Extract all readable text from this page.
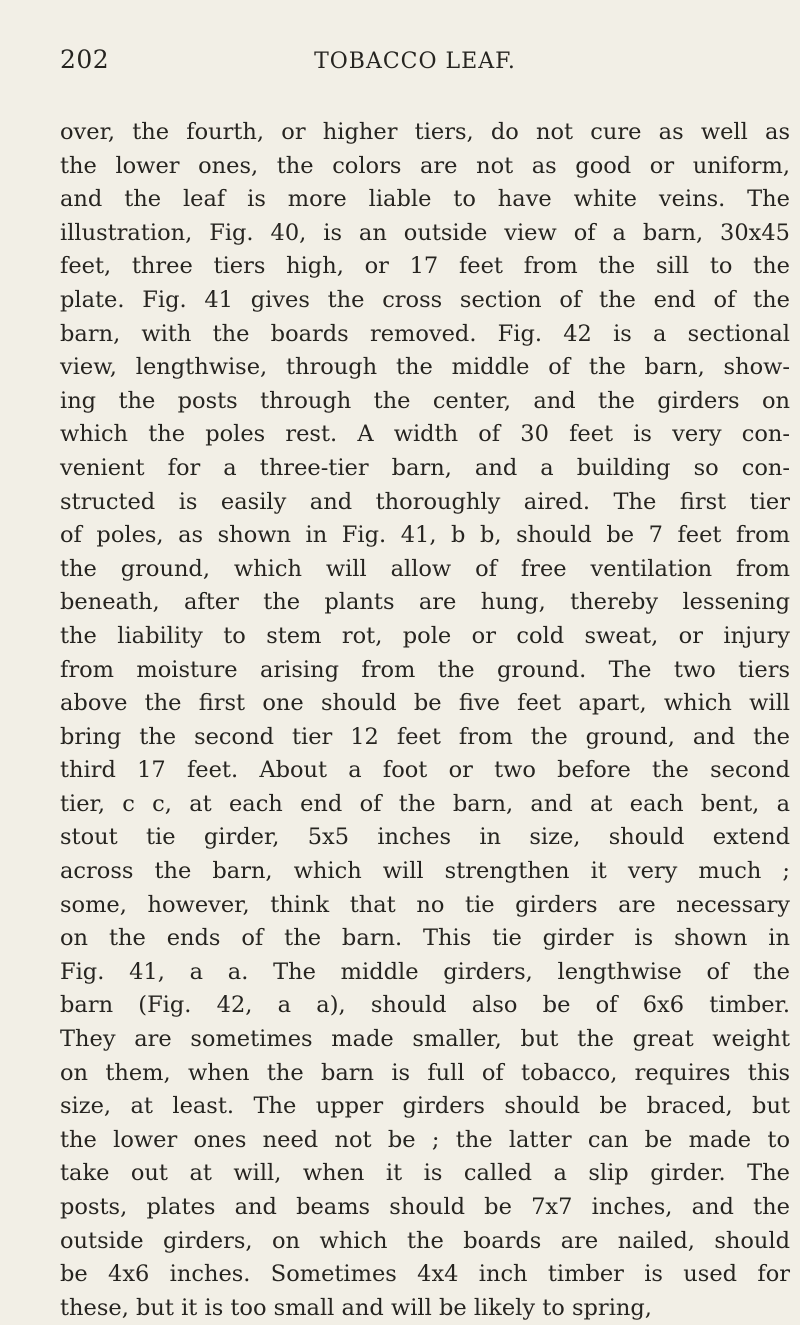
202	TOBACCO LEAF.
over, the fourth, or higher tiers, do not cure as well as
the lower ones, the colors are not as good or uniform,
and the leaf is more liable to have white veins. The
illustration, Fig. 40, is an outside view of a barn, 30x45
feet, three tiers high, or 17 feet from the sill to the
plate. Fig. 41 gives the cross section of the end of the
barn, with the boards removed. Fig. 42 is a sectional
view, lengthwise, through the middle of the barn, show-
ing the posts through the center, and the girders on
which the poles rest. A width of 30 feet is very con-
venient for a three-tier barn, and a building so con-
structed is easily and thoroughly aired. The first tier
of poles, as shown in Fig. 41, b b, should be 7 feet from
the ground, which will allow of free ventilation from
beneath, after the plants are hung, thereby lessening
the liability to stem rot, pole or cold sweat, or injury
from moisture arising from the ground. The two tiers
above the first one should be five feet apart, which will
bring the second tier 12 feet from the ground, and the
third 17 feet. About a foot or two before the second
tier, c c, at each end of the barn, and at each bent, a
stout tie girder, 5x5 inches in size, should extend
across the barn, which will strengthen it very much ;
some, however, think that no tie girders are necessary
on the ends of the barn. This tie girder is shown in
Fig. 41, a a. The middle girders, lengthwise of the
barn (Fig. 42, a a), should also be of 6x6 timber.
They are sometimes made smaller, but the great weight
on them, when the barn is full of tobacco, requires this
size, at least. The upper girders should be braced, but
the lower ones need not be ; the latter can be made to
take out at will, when it is called a slip girder. The
posts, plates and beams should be 7x7 inches, and the
outside girders, on which the boards are nailed, should
be 4x6 inches. Sometimes 4x4 inch timber is used for
these, but it is too small and will be likely to spring,
